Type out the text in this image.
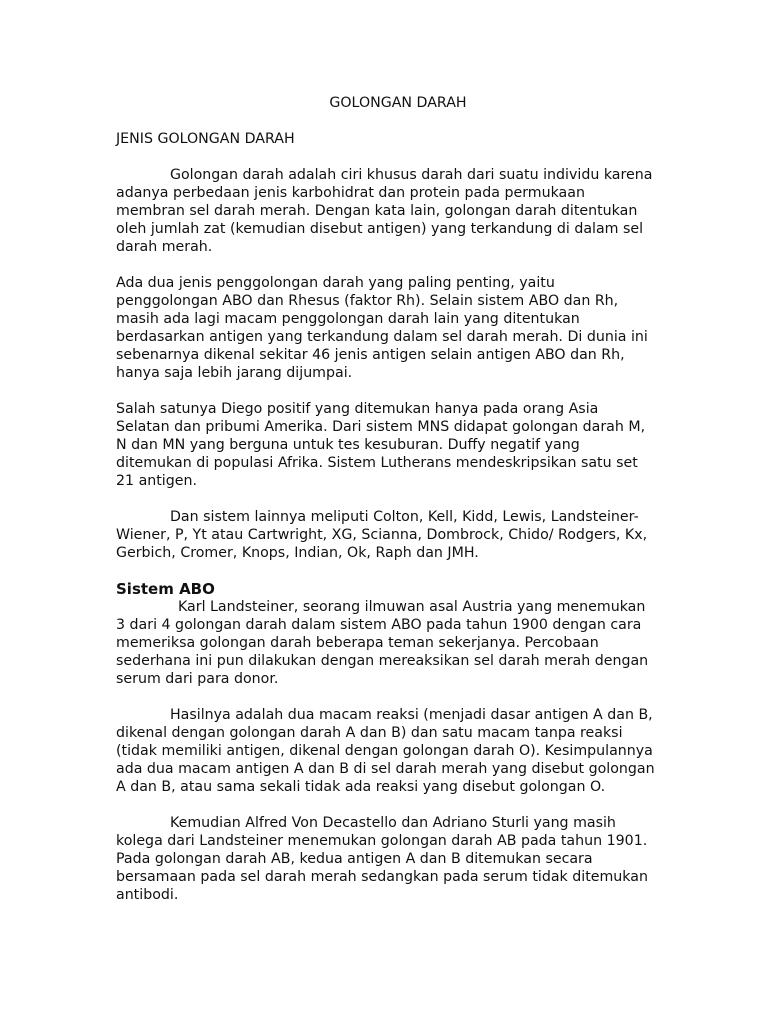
GOLONGAN DARAH
JENIS GOLONGAN DARAH

Golongan darah adalah ciri khusus darah dari suatu individu karena adanya perbedaan jenis karbohidrat dan protein pada permukaan membran sel darah merah. Dengan kata lain, golongan darah ditentukan oleh jumlah zat (kemudian disebut antigen) yang terkandung di dalam sel darah merah.

Ada dua jenis penggolongan darah yang paling penting, yaitu penggolongan ABO dan Rhesus (faktor Rh). Selain sistem ABO dan Rh, masih ada lagi macam penggolongan darah lain yang ditentukan berdasarkan antigen yang terkandung dalam sel darah merah. Di dunia ini sebenarnya dikenal sekitar 46 jenis antigen selain antigen ABO dan Rh, hanya saja lebih jarang dijumpai.

Salah satunya Diego positif yang ditemukan hanya pada orang Asia Selatan dan pribumi Amerika. Dari sistem MNS didapat golongan darah M, N dan MN yang berguna untuk tes kesuburan. Duffy negatif yang ditemukan di populasi Afrika. Sistem Lutherans mendeskripsikan satu set 21 antigen.

Dan sistem lainnya meliputi Colton, Kell, Kidd, Lewis, Landsteiner-Wiener, P, Yt atau Cartwright, XG, Scianna, Dombrock, Chido/ Rodgers, Kx, Gerbich, Cromer, Knops, Indian, Ok, Raph dan JMH.

Sistem ABO

Karl Landsteiner, seorang ilmuwan asal Austria yang menemukan 3 dari 4 golongan darah dalam sistem ABO pada tahun 1900 dengan cara memeriksa golongan darah beberapa teman sekerjanya. Percobaan sederhana ini pun dilakukan dengan mereaksikan sel darah merah dengan serum dari para donor.

Hasilnya adalah dua macam reaksi (menjadi dasar antigen A dan B, dikenal dengan golongan darah A dan B) dan satu macam tanpa reaksi (tidak memiliki antigen, dikenal dengan golongan darah O). Kesimpulannya ada dua macam antigen A dan B di sel darah merah yang disebut golongan A dan B, atau sama sekali tidak ada reaksi yang disebut golongan O.

Kemudian Alfred Von Decastello dan Adriano Sturli yang masih kolega dari Landsteiner menemukan golongan darah AB pada tahun 1901. Pada golongan darah AB, kedua antigen A dan B ditemukan secara bersamaan pada sel darah merah sedangkan pada serum tidak ditemukan antibodi.
